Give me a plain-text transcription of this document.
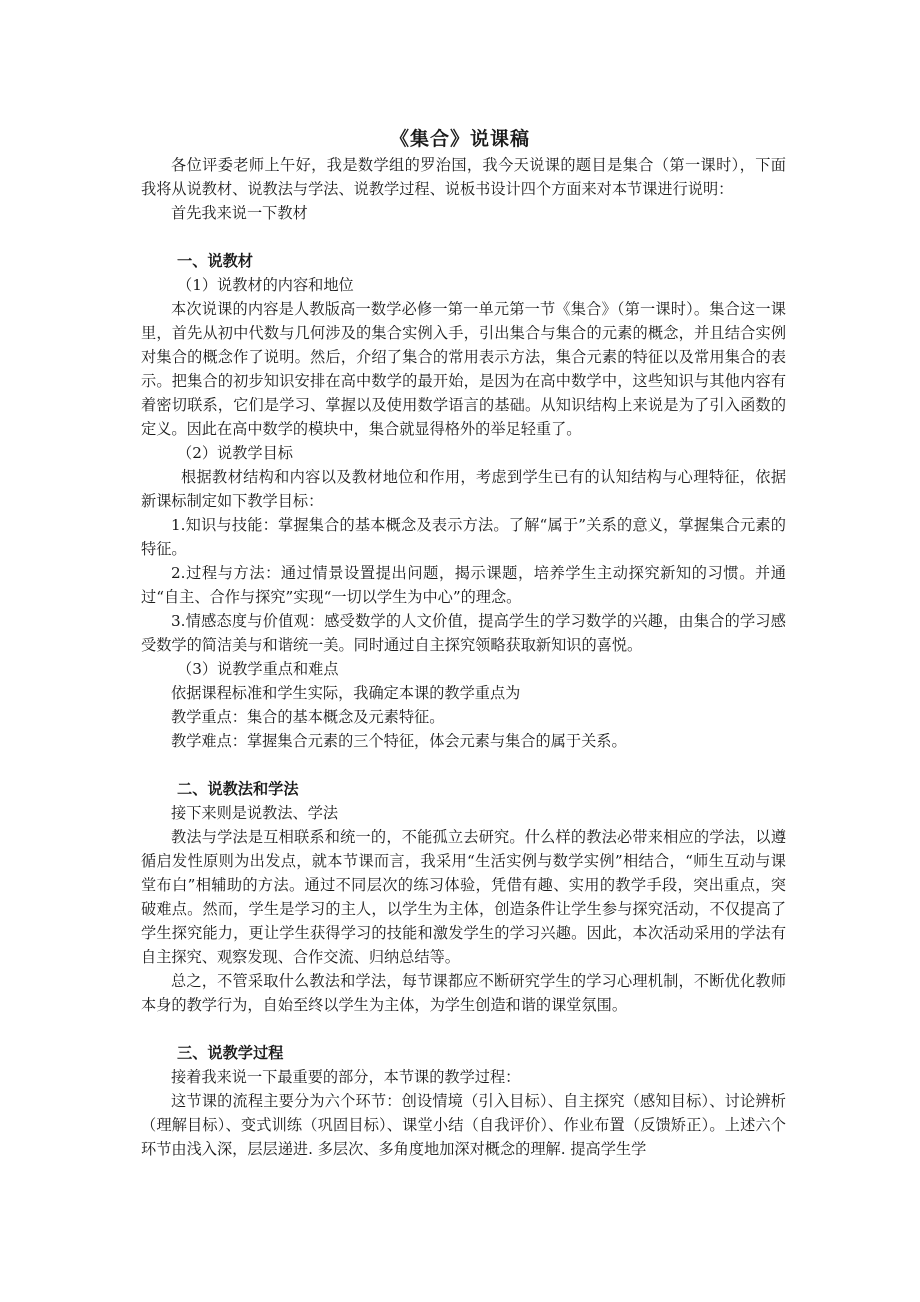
《集合》说课稿

各位评委老师上午好，我是数学组的罗治国，我今天说课的题目是集合（第一课时），下面我将从说教材、说教法与学法、说教学过程、说板书设计四个方面来对本节课进行说明：

首先我来说一下教材

一、说教材

（1）说教材的内容和地位

本次说课的内容是人教版高一数学必修一第一单元第一节《集合》（第一课时）。集合这一课里，首先从初中代数与几何涉及的集合实例入手，引出集合与集合的元素的概念，并且结合实例对集合的概念作了说明。然后，介绍了集合的常用表示方法，集合元素的特征以及常用集合的表示。把集合的初步知识安排在高中数学的最开始，是因为在高中数学中，这些知识与其他内容有着密切联系，它们是学习、掌握以及使用数学语言的基础。从知识结构上来说是为了引入函数的定义。因此在高中数学的模块中，集合就显得格外的举足轻重了。

（2）说教学目标

根据教材结构和内容以及教材地位和作用，考虑到学生已有的认知结构与心理特征，依据新课标制定如下教学目标：

1.知识与技能：掌握集合的基本概念及表示方法。了解“属于”关系的意义，掌握集合元素的特征。

2.过程与方法：通过情景设置提出问题，揭示课题，培养学生主动探究新知的习惯。并通过“自主、合作与探究”实现“一切以学生为中心”的理念。

3.情感态度与价值观：感受数学的人文价值，提高学生的学习数学的兴趣，由集合的学习感受数学的简洁美与和谐统一美。同时通过自主探究领略获取新知识的喜悦。

（3）说教学重点和难点

依据课程标准和学生实际，我确定本课的教学重点为

教学重点：集合的基本概念及元素特征。

教学难点：掌握集合元素的三个特征，体会元素与集合的属于关系。

二、说教法和学法

接下来则是说教法、学法

教法与学法是互相联系和统一的，不能孤立去研究。什么样的教法必带来相应的学法，以遵循启发性原则为出发点，就本节课而言，我采用“生活实例与数学实例”相结合，“师生互动与课堂布白”相辅助的方法。通过不同层次的练习体验，凭借有趣、实用的教学手段，突出重点，突破难点。然而，学生是学习的主人，以学生为主体，创造条件让学生参与探究活动，不仅提高了学生探究能力，更让学生获得学习的技能和激发学生的学习兴趣。因此，本次活动采用的学法有自主探究、观察发现、合作交流、归纳总结等。

总之，不管采取什么教法和学法，每节课都应不断研究学生的学习心理机制，不断优化教师本身的教学行为，自始至终以学生为主体，为学生创造和谐的课堂氛围。

三、说教学过程

接着我来说一下最重要的部分，本节课的教学过程：

这节课的流程主要分为六个环节：创设情境（引入目标）、自主探究（感知目标）、讨论辨析（理解目标）、变式训练（巩固目标）、课堂小结（自我评价）、作业布置（反馈矫正）。上述六个环节由浅入深，层层递进. 多层次、多角度地加深对概念的理解. 提高学生学
